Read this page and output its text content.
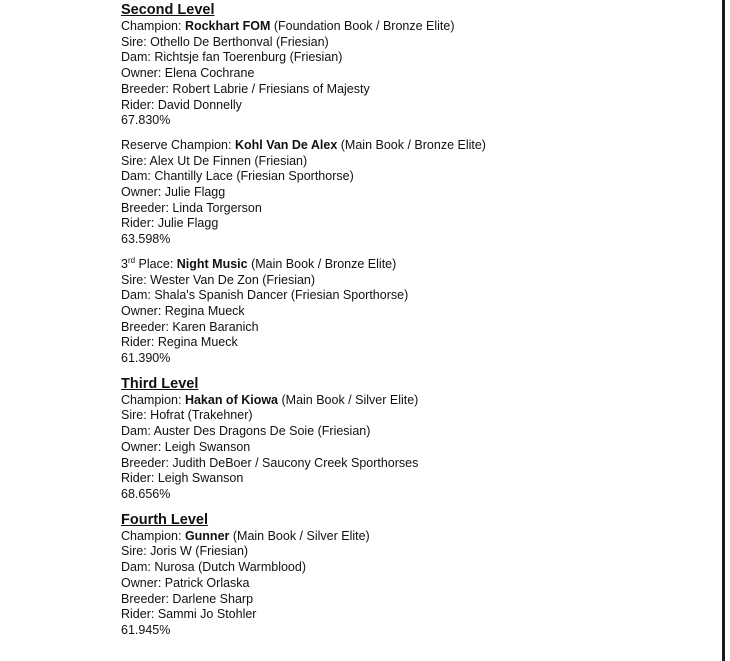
Second Level
Champion: Rockhart FOM (Foundation Book / Bronze Elite)
Sire: Othello De Berthonval (Friesian)
Dam: Richtsje fan Toerenburg (Friesian)
Owner: Elena Cochrane
Breeder: Robert Labrie / Friesians of Majesty
Rider: David Donnelly
67.830%
Reserve Champion: Kohl Van De Alex (Main Book / Bronze Elite)
Sire: Alex Ut De Finnen (Friesian)
Dam: Chantilly Lace (Friesian Sporthorse)
Owner: Julie Flagg
Breeder: Linda Torgerson
Rider: Julie Flagg
63.598%
3rd Place: Night Music (Main Book / Bronze Elite)
Sire: Wester Van De Zon (Friesian)
Dam: Shala's Spanish Dancer (Friesian Sporthorse)
Owner: Regina Mueck
Breeder: Karen Baranich
Rider: Regina Mueck
61.390%
Third Level
Champion: Hakan of Kiowa (Main Book / Silver Elite)
Sire: Hofrat (Trakehner)
Dam: Auster Des Dragons De Soie (Friesian)
Owner: Leigh Swanson
Breeder: Judith DeBoer / Saucony Creek Sporthorses
Rider: Leigh Swanson
68.656%
Fourth Level
Champion: Gunner (Main Book / Silver Elite)
Sire: Joris W (Friesian)
Dam: Nurosa (Dutch Warmblood)
Owner: Patrick Orlaska
Breeder: Darlene Sharp
Rider: Sammi Jo Stohler
61.945%
